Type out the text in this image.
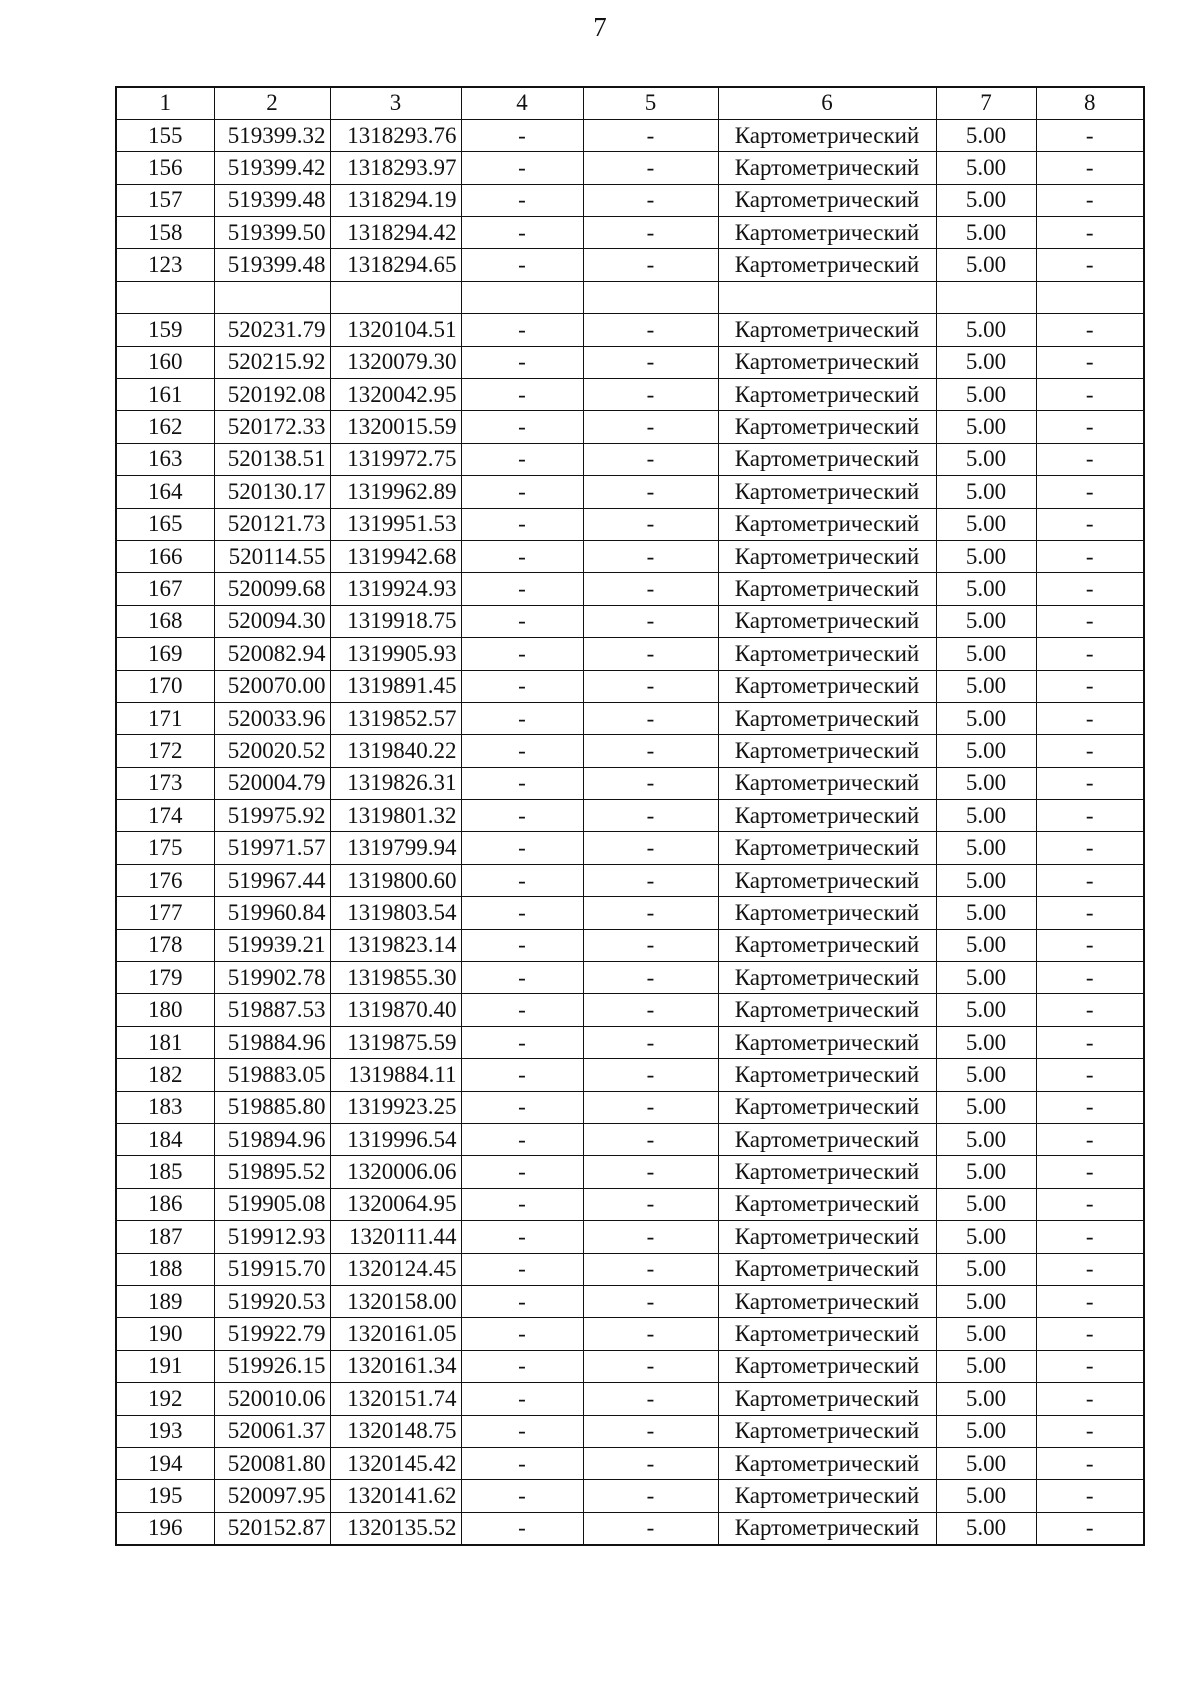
7
1	2	3	4	5	6	7	8
155	519399.32	1318293.76	-	-	Картометрический	5.00	-
156	519399.42	1318293.97	-	-	Картометрический	5.00	-
157	519399.48	1318294.19	-	-	Картометрический	5.00	-
158	519399.50	1318294.42	-	-	Картометрический	5.00	-
123	519399.48	1318294.65	-	-	Картометрический	5.00	-

159	520231.79	1320104.51	-	-	Картометрический	5.00	-
160	520215.92	1320079.30	-	-	Картометрический	5.00	-
161	520192.08	1320042.95	-	-	Картометрический	5.00	-
162	520172.33	1320015.59	-	-	Картометрический	5.00	-
163	520138.51	1319972.75	-	-	Картометрический	5.00	-
164	520130.17	1319962.89	-	-	Картометрический	5.00	-
165	520121.73	1319951.53	-	-	Картометрический	5.00	-
166	520114.55	1319942.68	-	-	Картометрический	5.00	-
167	520099.68	1319924.93	-	-	Картометрический	5.00	-
168	520094.30	1319918.75	-	-	Картометрический	5.00	-
169	520082.94	1319905.93	-	-	Картометрический	5.00	-
170	520070.00	1319891.45	-	-	Картометрический	5.00	-
171	520033.96	1319852.57	-	-	Картометрический	5.00	-
172	520020.52	1319840.22	-	-	Картометрический	5.00	-
173	520004.79	1319826.31	-	-	Картометрический	5.00	-
174	519975.92	1319801.32	-	-	Картометрический	5.00	-
175	519971.57	1319799.94	-	-	Картометрический	5.00	-
176	519967.44	1319800.60	-	-	Картометрический	5.00	-
177	519960.84	1319803.54	-	-	Картометрический	5.00	-
178	519939.21	1319823.14	-	-	Картометрический	5.00	-
179	519902.78	1319855.30	-	-	Картометрический	5.00	-
180	519887.53	1319870.40	-	-	Картометрический	5.00	-
181	519884.96	1319875.59	-	-	Картометрический	5.00	-
182	519883.05	1319884.11	-	-	Картометрический	5.00	-
183	519885.80	1319923.25	-	-	Картометрический	5.00	-
184	519894.96	1319996.54	-	-	Картометрический	5.00	-
185	519895.52	1320006.06	-	-	Картометрический	5.00	-
186	519905.08	1320064.95	-	-	Картометрический	5.00	-
187	519912.93	1320111.44	-	-	Картометрический	5.00	-
188	519915.70	1320124.45	-	-	Картометрический	5.00	-
189	519920.53	1320158.00	-	-	Картометрический	5.00	-
190	519922.79	1320161.05	-	-	Картометрический	5.00	-
191	519926.15	1320161.34	-	-	Картометрический	5.00	-
192	520010.06	1320151.74	-	-	Картометрический	5.00	-
193	520061.37	1320148.75	-	-	Картометрический	5.00	-
194	520081.80	1320145.42	-	-	Картометрический	5.00	-
195	520097.95	1320141.62	-	-	Картометрический	5.00	-
196	520152.87	1320135.52	-	-	Картометрический	5.00	-
